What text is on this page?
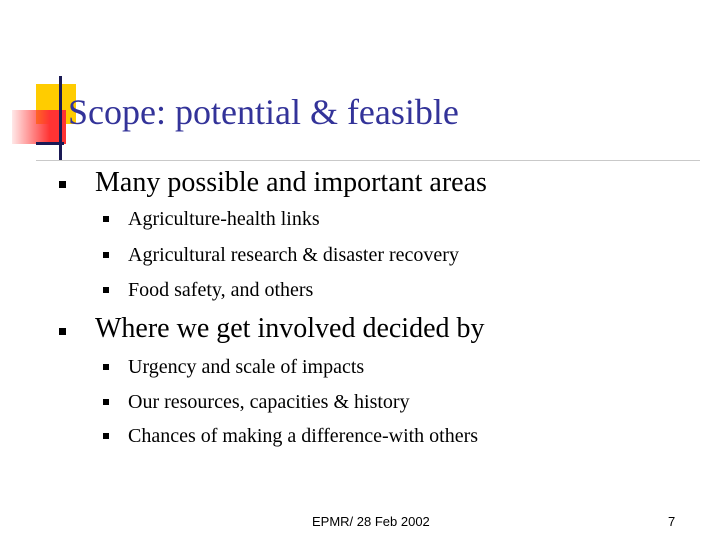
Scope: potential & feasible
Many possible and important areas
Agriculture-health links
Agricultural research & disaster recovery
Food safety, and others
Where we get involved decided by
Urgency and scale of impacts
Our resources, capacities & history
Chances of making a difference-with others
EPMR/ 28 Feb 2002	7
